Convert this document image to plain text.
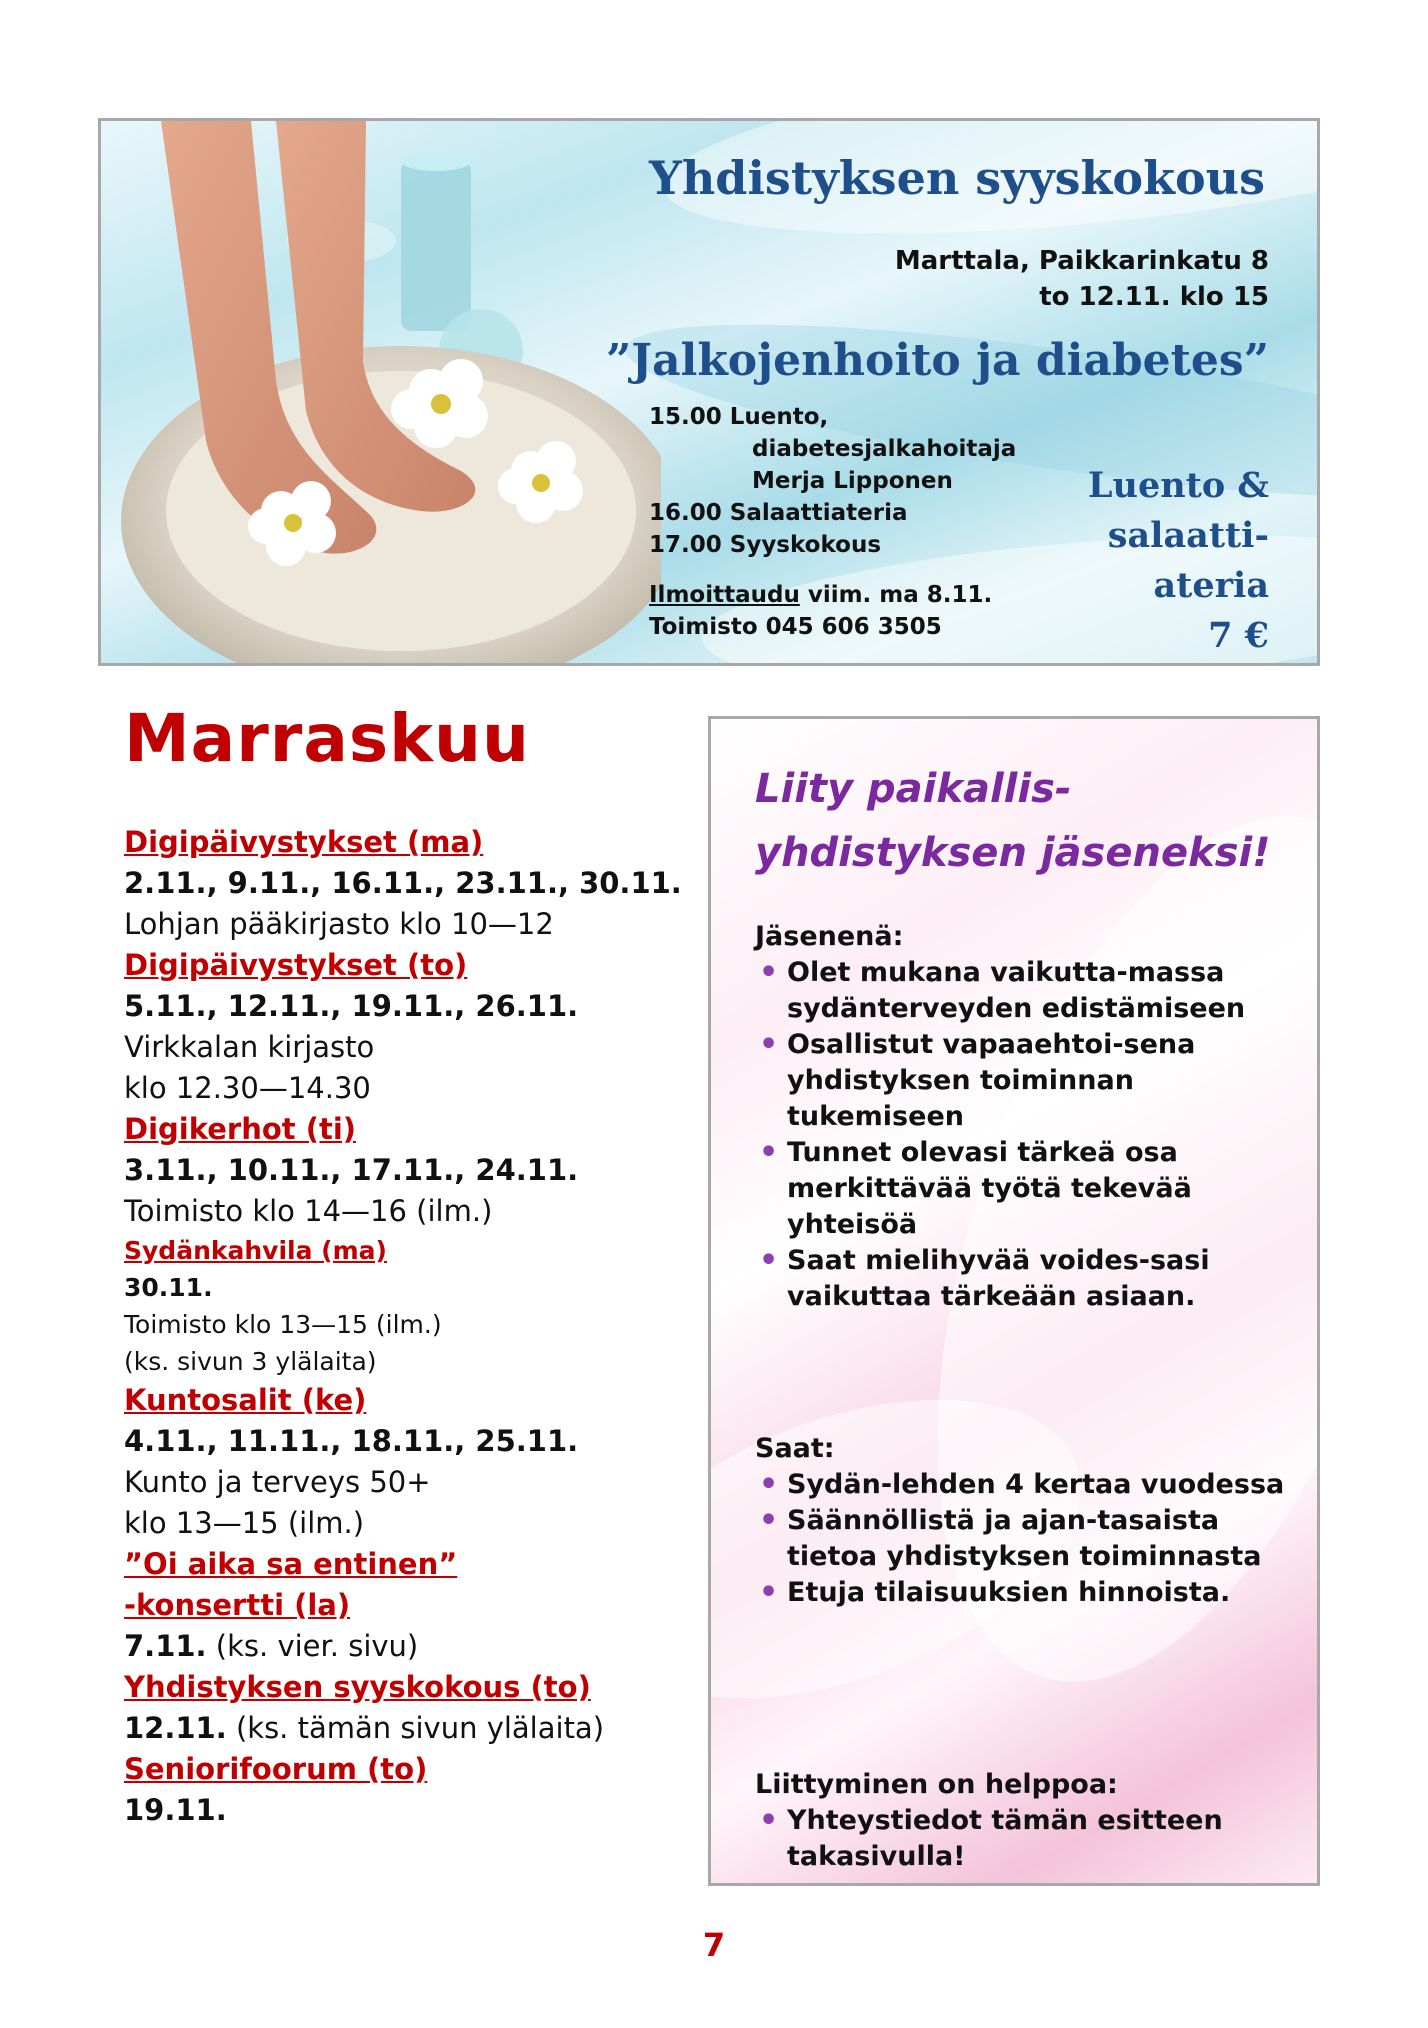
Yhdistyksen syyskokous
Marttala, Paikkarinkatu 8
to 12.11. klo 15
”Jalkojenhoito ja diabetes”
15.00 Luento,
diabetesjalkahoitaja
Merja Lipponen
16.00 Salaattiateria
17.00 Syyskokous
Ilmoittaudu viim. ma 8.11.
Toimisto 045 606 3505
Luento &
salaatti-
ateria
7 €
Marraskuu
Digipäivystykset (ma)
2.11., 9.11., 16.11., 23.11., 30.11.
Lohjan pääkirjasto klo 10—12
Digipäivystykset (to)
5.11., 12.11., 19.11., 26.11.
Virkkalan kirjasto
klo 12.30—14.30
Digikerhot (ti)
3.11., 10.11., 17.11., 24.11.
Toimisto klo 14—16 (ilm.)
Sydänkahvila (ma)
30.11.
Toimisto klo 13—15 (ilm.)
(ks. sivun 3 ylälaita)
Kuntosalit (ke)
4.11., 11.11., 18.11., 25.11.
Kunto ja terveys 50+
klo 13—15 (ilm.)
”Oi aika sa entinen”
-konsertti (la)
7.11. (ks. vier. sivu)
Yhdistyksen syyskokous (to)
12.11. (ks. tämän sivun ylälaita)
Seniorifoorum (to)
19.11.
Liity paikallis-
yhdistyksen jäseneksi!

Jäsenenä:

• Olet mukana vaikutta-massa sydänterveyden edistämiseen
• Osallistut vapaaehtoi-sena yhdistyksen toiminnan tukemiseen
• Tunnet olevasi tärkeä osa merkittävää työtä tekevää yhteisöä
• Saat mielihyvää voides-sasi vaikuttaa tärkeään asiaan.

Saat:

• Sydän-lehden 4 kertaa vuodessa
• Säännöllistä ja ajan-tasaista tietoa yhdistyksen toiminnasta
• Etuja tilaisuuksien hinnoista.

Liittyminen on helppoa:

• Yhteystiedot tämän esitteen takasivulla!
7
